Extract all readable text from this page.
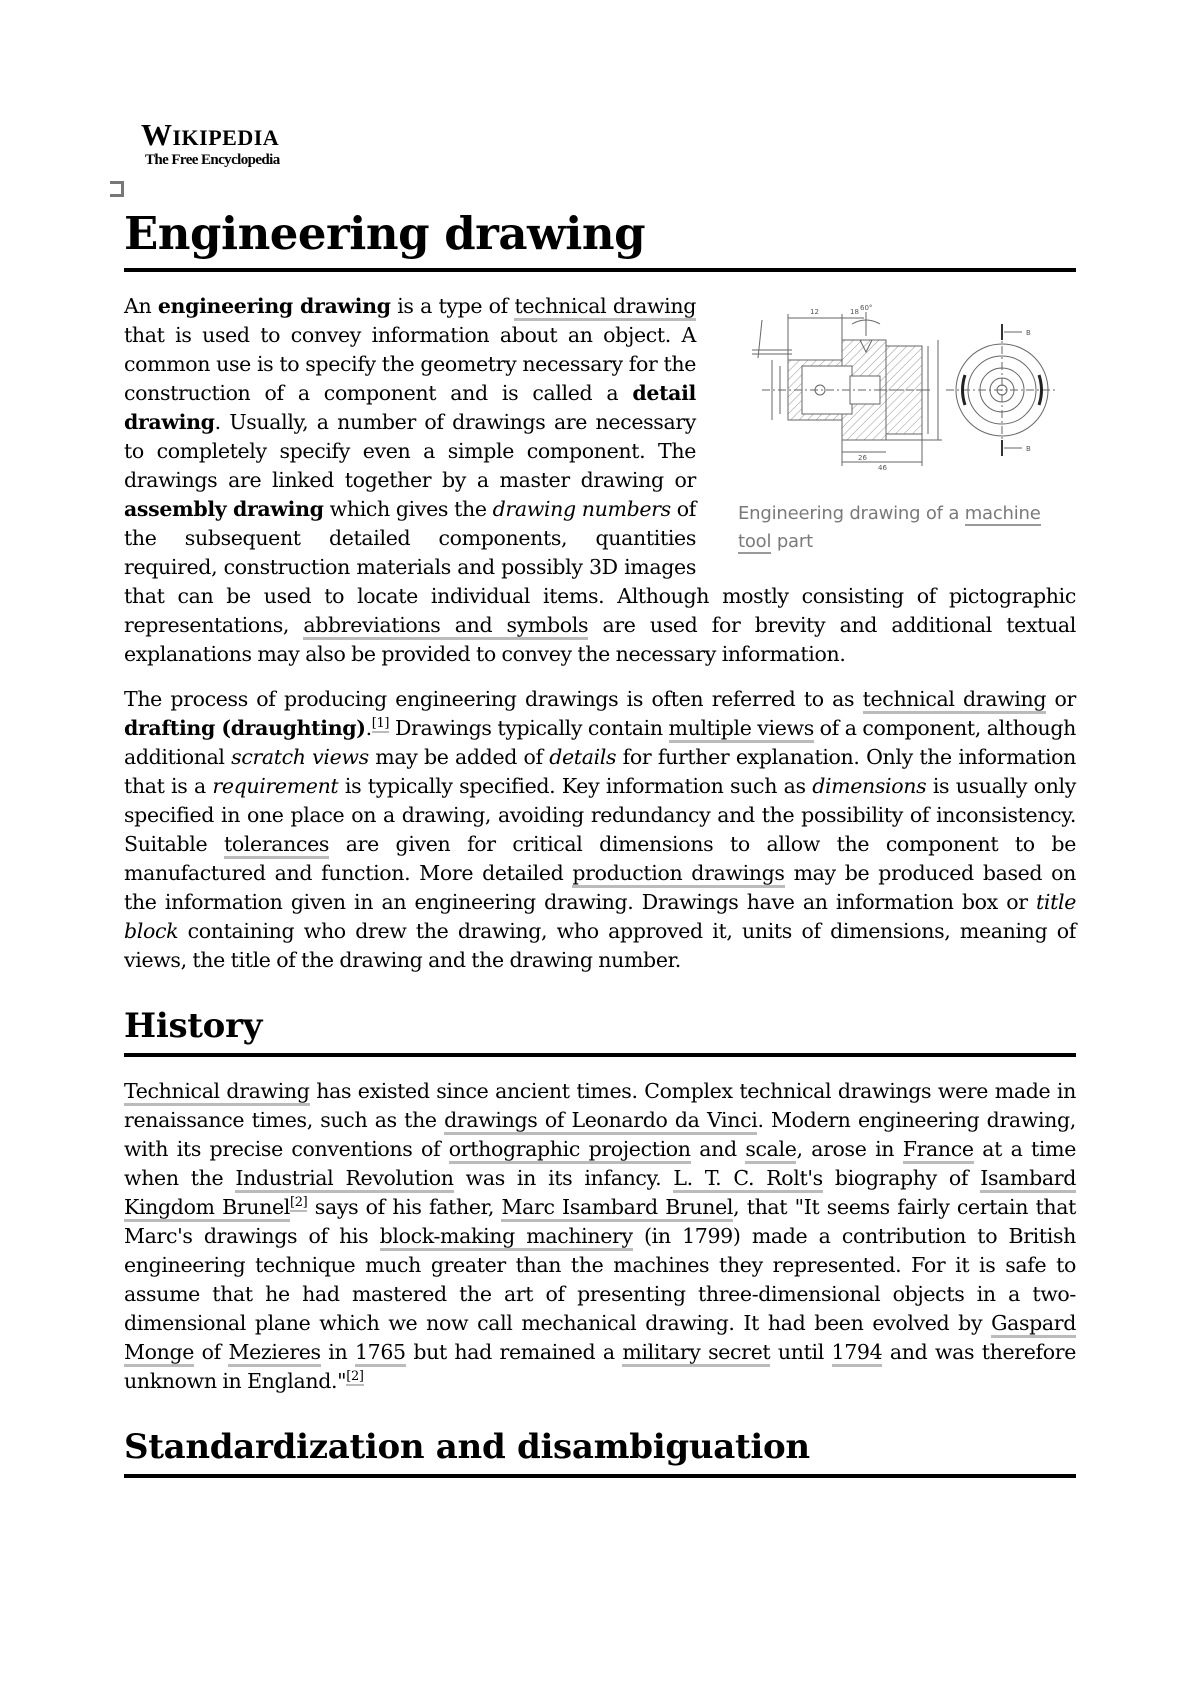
Wikipedia
The Free Encyclopedia
Engineering drawing
12	18 60°
26
46
B
B
Engineering drawing of a machine tool part

An engineering drawing is a type of technical drawing that is used to convey information about an object. A common use is to specify the geometry necessary for the construction of a component and is called a detail drawing. Usually, a number of drawings are necessary to completely specify even a simple component. The drawings are linked together by a master drawing or assembly drawing which gives the drawing numbers of the subsequent detailed components, quantities required, construction materials and possibly 3D images that can be used to locate individual items. Although mostly consisting of pictographic representations, abbreviations and symbols are used for brevity and additional textual explanations may also be provided to convey the necessary information.

The process of producing engineering drawings is often referred to as technical drawing or drafting (draughting).[1] Drawings typically contain multiple views of a component, although additional scratch views may be added of details for further explanation. Only the information that is a requirement is typically specified. Key information such as dimensions is usually only specified in one place on a drawing, avoiding redundancy and the possibility of inconsistency. Suitable tolerances are given for critical dimensions to allow the component to be manufactured and function. More detailed production drawings may be produced based on the information given in an engineering drawing. Drawings have an information box or title block containing who drew the drawing, who approved it, units of dimensions, meaning of views, the title of the drawing and the drawing number.

History

Technical drawing has existed since ancient times. Complex technical drawings were made in renaissance times, such as the drawings of Leonardo da Vinci. Modern engineering drawing, with its precise conventions of orthographic projection and scale, arose in France at a time when the Industrial Revolution was in its infancy. L. T. C. Rolt's biography of Isambard Kingdom Brunel[2] says of his father, Marc Isambard Brunel, that "It seems fairly certain that Marc's drawings of his block-making machinery (in 1799) made a contribution to British engineering technique much greater than the machines they represented. For it is safe to assume that he had mastered the art of presenting three-dimensional objects in a two-dimensional plane which we now call mechanical drawing. It had been evolved by Gaspard Monge of Mezieres in 1765 but had remained a military secret until 1794 and was therefore unknown in England."[2]

Standardization and disambiguation
